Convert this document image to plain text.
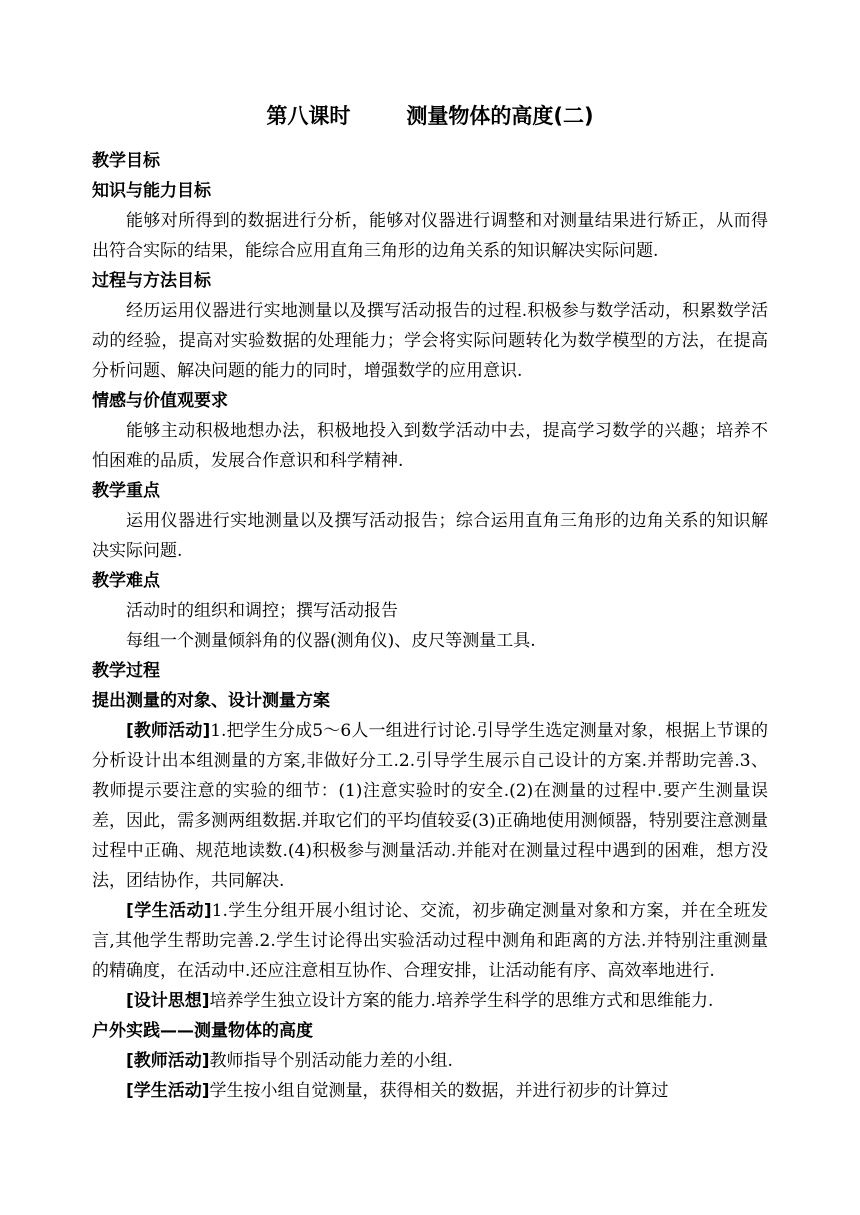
第八课时	测量物体的高度(二)
教学目标
知识与能力目标

能够对所得到的数据进行分析，能够对仪器进行调整和对测量结果进行矫正，从而得出符合实际的结果，能综合应用直角三角形的边角关系的知识解决实际问题.

过程与方法目标

经历运用仪器进行实地测量以及撰写活动报告的过程.积极参与数学活动，积累数学活动的经验，提高对实验数据的处理能力；学会将实际问题转化为数学模型的方法，在提高分析问题、解决问题的能力的同时，增强数学的应用意识.

情感与价值观要求

能够主动积极地想办法，积极地投入到数学活动中去，提高学习数学的兴趣；培养不怕困难的品质，发展合作意识和科学精神.

教学重点

运用仪器进行实地测量以及撰写活动报告；综合运用直角三角形的边角关系的知识解决实际问题.

教学难点

活动时的组织和调控；撰写活动报告

每组一个测量倾斜角的仪器(测角仪)、皮尺等测量工具.

教学过程
提出测量的对象、设计测量方案

[教师活动]1.把学生分成5～6人一组进行讨论.引导学生选定测量对象，根据上节课的分析设计出本组测量的方案,非做好分工.2.引导学生展示自己设计的方案.并帮助完善.3、教师提示要注意的实验的细节：(1)注意实验时的安全.(2)在测量的过程中.要产生测量误差，因此，需多测两组数据.并取它们的平均值较妥(3)正确地使用测倾器，特别要注意测量过程中正确、规范地读数.(4)积极参与测量活动.并能对在测量过程中遇到的困难，想方没法，团结协作，共同解决.

[学生活动]1.学生分组开展小组讨论、交流，初步确定测量对象和方案，并在全班发言,其他学生帮助完善.2.学生讨论得出实验活动过程中测角和距离的方法.并特别注重测量的精确度，在活动中.还应注意相互协作、合理安排，让活动能有序、高效率地进行.

[设计思想]培养学生独立设计方案的能力.培养学生科学的思维方式和思维能力.

户外实践——测量物体的高度

[教师活动]教师指导个别活动能力差的小组.

[学生活动]学生按小组自觉测量，获得相关的数据，并进行初步的计算过
